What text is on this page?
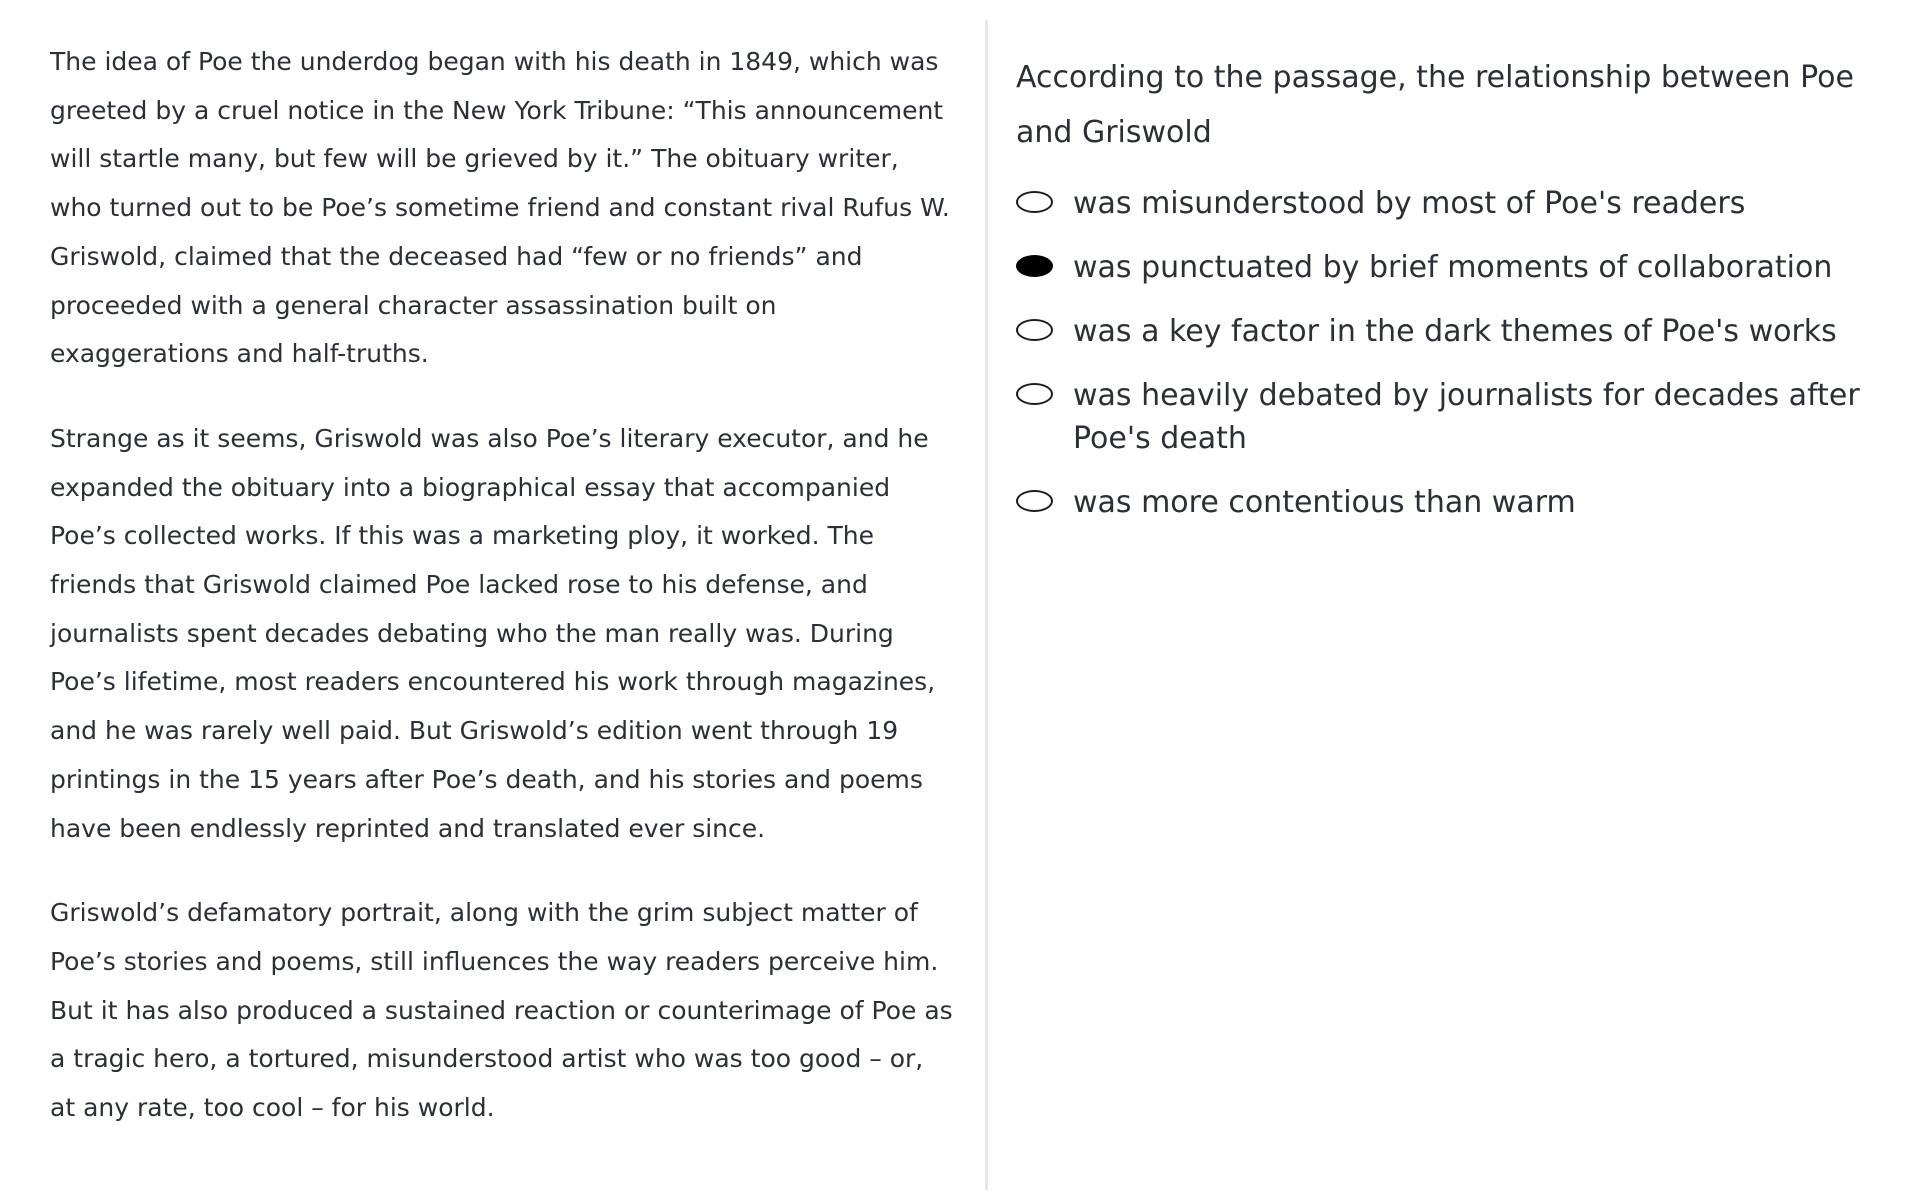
The idea of Poe the underdog began with his death in 1849, which was greeted by a cruel notice in the New York Tribune: “This announcement will startle many, but few will be grieved by it.” The obituary writer, who turned out to be Poe’s sometime friend and constant rival Rufus W. Griswold, claimed that the deceased had “few or no friends” and proceeded with a general character assassination built on exaggerations and half-truths.

Strange as it seems, Griswold was also Poe’s literary executor, and he expanded the obituary into a biographical essay that accompanied Poe’s collected works. If this was a marketing ploy, it worked. The friends that Griswold claimed Poe lacked rose to his defense, and journalists spent decades debating who the man really was. During Poe’s lifetime, most readers encountered his work through magazines, and he was rarely well paid. But Griswold’s edition went through 19 printings in the 15 years after Poe’s death, and his stories and poems have been endlessly reprinted and translated ever since.

Griswold’s defamatory portrait, along with the grim subject matter of Poe’s stories and poems, still influences the way readers perceive him. But it has also produced a sustained reaction or counterimage of Poe as a tragic hero, a tortured, misunderstood artist who was too good – or, at any rate, too cool – for his world.

According to the passage, the relationship between Poe and Griswold
was misunderstood by most of Poe's readers
was punctuated by brief moments of collaboration
was a key factor in the dark themes of Poe's works
was heavily debated by journalists for decades after Poe's death
was more contentious than warm
